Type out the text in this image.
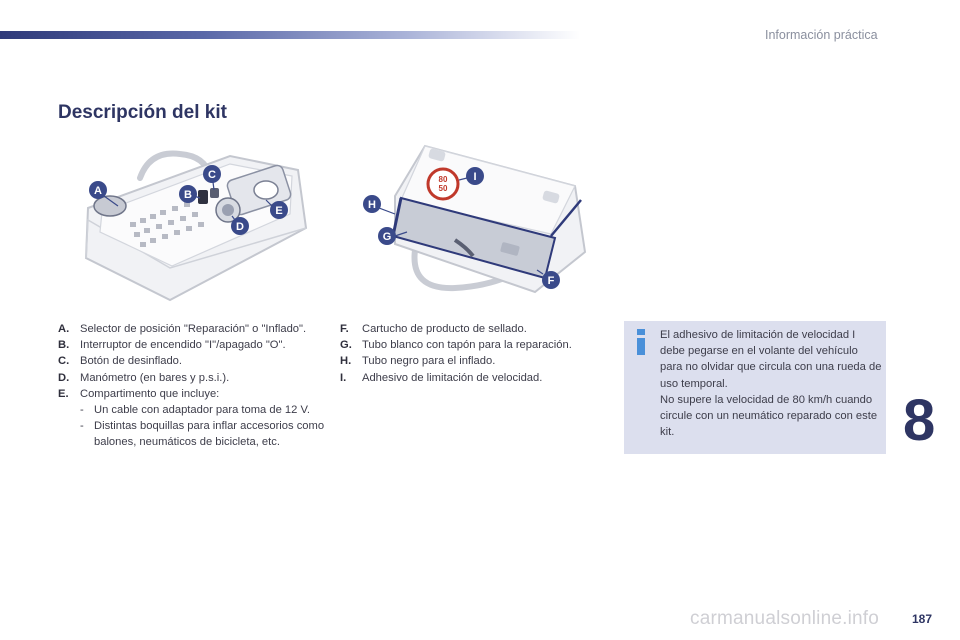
Información práctica
Descripción del kit
A	B
C
D
E
80
50
H
G
I
F
A. Selector de posición "Reparación" o "Inflado".
B. Interruptor de encendido "I"/apagado "O".
C. Botón de desinflado.
D. Manómetro (en bares y p.s.i.).
E.	Compartimento que incluye:
- Un cable con adaptador para toma de 12 V.
- Distintas boquillas para inflar accesorios como balones, neumáticos de bicicleta, etc.
F.	Cartucho de producto de sellado.
G. Tubo blanco con tapón para la reparación.
H. Tubo negro para el inflado.
I.	Adhesivo de limitación de velocidad.
El adhesivo de limitación de velocidad I debe pegarse en el volante del vehículo para no olvidar que circula con una rueda de uso temporal.
No supere la velocidad de 80 km/h cuando circule con un neumático reparado con este kit.	8
187
carmanualsonline.info
